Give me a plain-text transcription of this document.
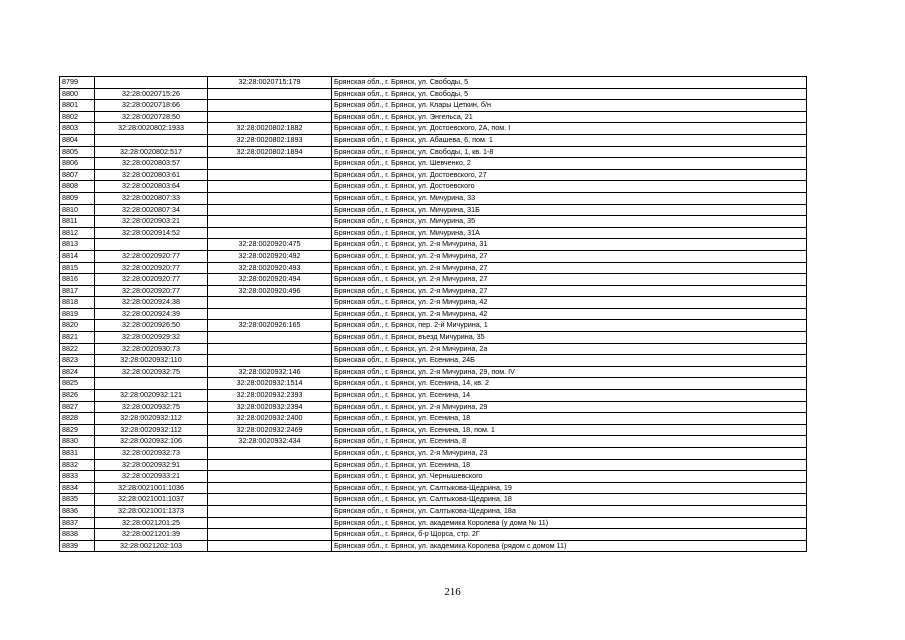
8799		32:28:0020715:179	Брянская обл., г. Брянск, ул. Свободы, 5
8800	32:28:0020715:26		Брянская обл., г. Брянск, ул. Свободы, 5
8801	32:28:0020718:66		Брянская обл., г. Брянск, ул. Клары Цеткин, б/н
8802	32:28:0020728:50		Брянская обл., г. Брянск, ул. Энгельса, 21
8803	32:28:0020802:1933	32:28:0020802:1882	Брянская обл., г. Брянск, ул. Достоевского, 2А, пом. I
8804		32:28:0020802:1893	Брянская обл., г. Брянск, ул. Абашева, 6, пом. 1
8805	32:28:0020802:517	32:28:0020802:1894	Брянская обл., г. Брянск, ул. Свободы, 1, кв. 1-8
8806	32:28:0020803:57		Брянская обл., г. Брянск, ул. Шевченко, 2
8807	32:28:0020803:61		Брянская обл., г. Брянск, ул. Достоевского, 27
8808	32:28:0020803:64		Брянская обл., г. Брянск, ул. Достоевского
8809	32:28:0020807:33		Брянская обл., г. Брянск, ул. Мичурина, 33
8810	32:28:0020807:34		Брянская обл., г. Брянск, ул. Мичурина, 31Б
8811	32:28:0020903:21		Брянская обл., г. Брянск, ул. Мичурина, 35
8812	32:28:0020914:52		Брянская обл., г. Брянск, ул. Мичурина, 31А
8813		32:28:0020920:475	Брянская обл., г. Брянск, ул. 2-я Мичурина, 31
8814	32:28:0020920:77	32:28:0020920:492	Брянская обл., г. Брянск, ул. 2-я Мичурина, 27
8815	32:28:0020920:77	32:28:0020920:493	Брянская обл., г. Брянск, ул. 2-я Мичурина, 27
8816	32:28:0020920:77	32:28:0020920:494	Брянская обл., г. Брянск, ул. 2-я Мичурина, 27
8817	32:28:0020920:77	32:28:0020920:496	Брянская обл., г. Брянск, ул. 2-я Мичурина, 27
8818	32:28:0020924:38		Брянская обл., г. Брянск, ул. 2-я Мичурина, 42
8819	32:28:0020924:39		Брянская обл., г. Брянск, ул. 2-я Мичурина, 42
8820	32:28:0020926:50	32:28:0020926:165	Брянская обл., г. Брянск, пер. 2-й Мичурина, 1
8821	32:28:0020929:32		Брянская обл., г. Брянск, въезд Мичурина, 35
8822	32:28:0020930:73		Брянская обл., г. Брянск, ул. 2-я Мичурина, 2а
8823	32:28:0020932:110		Брянская обл., г. Брянск, ул. Есенина, 24Б
8824	32:28:0020932:75	32:28:0020932:146	Брянская обл., г. Брянск, ул. 2-я Мичурина, 29, пом. IV
8825		32:28:0020932:1514	Брянская обл., г. Брянск, ул. Есенина, 14, кв. 2
8826	32:28:0020932:121	32:28:0020932:2393	Брянская обл., г. Брянск, ул. Есенина, 14
8827	32:28:0020932:75	32:28:0020932:2394	Брянская обл., г. Брянск, ул. 2-я Мичурина, 29
8828	32:28:0020932:112	32:28:0020932:2400	Брянская обл., г. Брянск, ул. Есенина, 18
8829	32:28:0020932:112	32:28:0020932:2469	Брянская обл., г. Брянск, ул. Есенина, 18, пом. 1
8830	32:28:0020932:106	32:28:0020932:434	Брянская обл., г. Брянск, ул. Есенина, 8
8831	32:28:0020932:73		Брянская обл., г. Брянск, ул. 2-я Мичурина, 23
8832	32:28:0020932:91		Брянская обл., г. Брянск, ул. Есенина, 18
8833	32:28:0020933:21		Брянская обл., г. Брянск, ул. Чернышевского
8834	32:28:0021001:1036		Брянская обл., г. Брянск, ул. Салтыкова-Щедрина, 19
8835	32:28:0021001:1037		Брянская обл., г. Брянск, ул. Салтыкова-Щедрина, 18
8836	32:28:0021001:1373		Брянская обл., г. Брянск, ул. Салтыкова-Щедрина, 18а
8837	32:28:0021201:25		Брянская обл., г. Брянск, ул. академика Королева (у дома № 11)
8838	32:28:0021201:39		Брянская обл., г. Брянск, б-р Щорса, стр. 2Г
8839	32:28:0021202:103		Брянская обл., г. Брянск, ул. академика Королева (рядом с домом 11)
216
